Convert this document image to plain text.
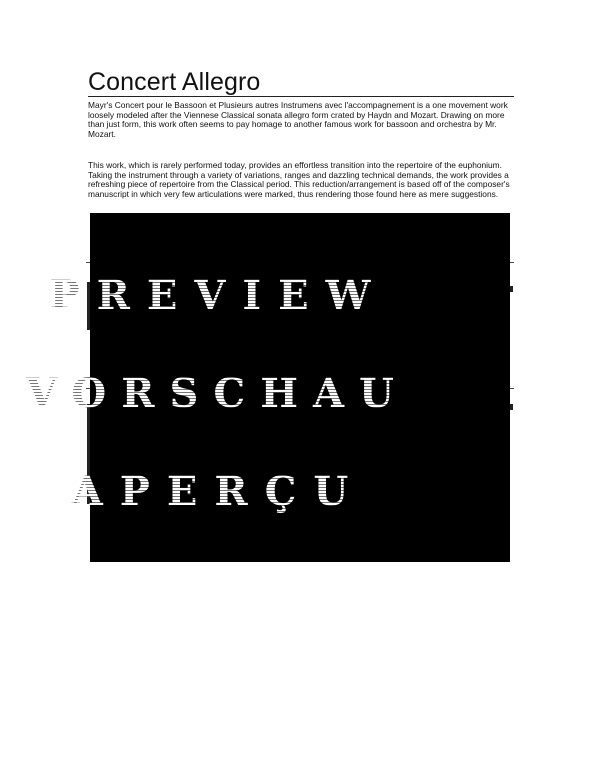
Concert Allegro

Mayr's Concert pour le Bassoon et Plusieurs autres Instrumens avec l'accompagnement is a one movement work loosely modeled after the Viennese Classical sonata allegro form crated by Haydn and Mozart. Drawing on more than just form, this work often seems to pay homage to another famous work for bassoon and orchestra by Mr. Mozart.

This work, which is rarely performed today, provides an effortless transition into the repertoire of the euphonium. Taking the instrument through a variety of variations, ranges and dazzling technical demands, the work provides a refreshing piece of repertoire from the Classical period. This reduction/arrangement is based off of the composer's manuscript in which very few articulations were marked, thus rendering those found here as mere suggestions.

PREVIEW
VORSCHAU
APERÇU
